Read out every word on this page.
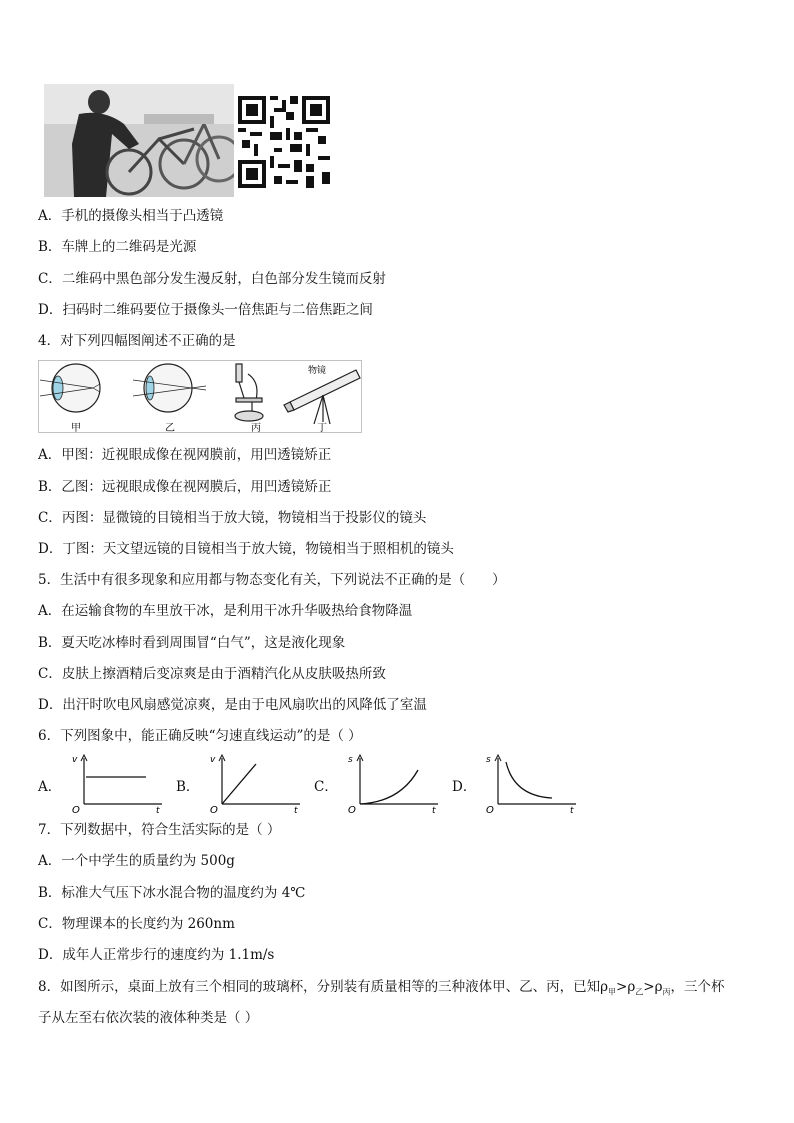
A．手机的摄像头相当于凸透镜
B．车牌上的二维码是光源
C．二维码中黑色部分发生漫反射，白色部分发生镜而反射
D．扫码时二维码要位于摄像头一倍焦距与二倍焦距之间
4．对下列四幅图阐述不正确的是
甲	乙	丙	丁
物镜
A．甲图：近视眼成像在视网膜前，用凹透镜矫正
B．乙图：远视眼成像在视网膜后，用凹透镜矫正
C．丙图：显微镜的目镜相当于放大镜，物镜相当于投影仪的镜头
D．丁图：天文望远镜的目镜相当于放大镜，物镜相当于照相机的镜头
5．生活中有很多现象和应用都与物态变化有关，下列说法不正确的是（　　）
A．在运输食物的车里放干冰，是利用干冰升华吸热给食物降温
B．夏天吃冰棒时看到周围冒“白气”，这是液化现象
C．皮肤上擦酒精后变凉爽是由于酒精汽化从皮肤吸热所致
D．出汗时吹电风扇感觉凉爽，是由于电风扇吹出的风降低了室温
6．下列图象中，能正确反映“匀速直线运动”的是（ ）
A．	B．	C．	D．
v
t
O
v
t
O
s
t
O
s
t
O
7．下列数据中，符合生活实际的是（ ）
A．一个中学生的质量约为 500g
B．标准大气压下冰水混合物的温度约为 4℃
C．物理课本的长度约为 260nm
D．成年人正常步行的速度约为 1.1m/s
8．如图所示，桌面上放有三个相同的玻璃杯，分别装有质量相等的三种液体甲、乙、丙，已知$\rho_甲>\rho_乙>\rho_丙$，三个杯
子从左至右依次装的液体种类是（ ）
